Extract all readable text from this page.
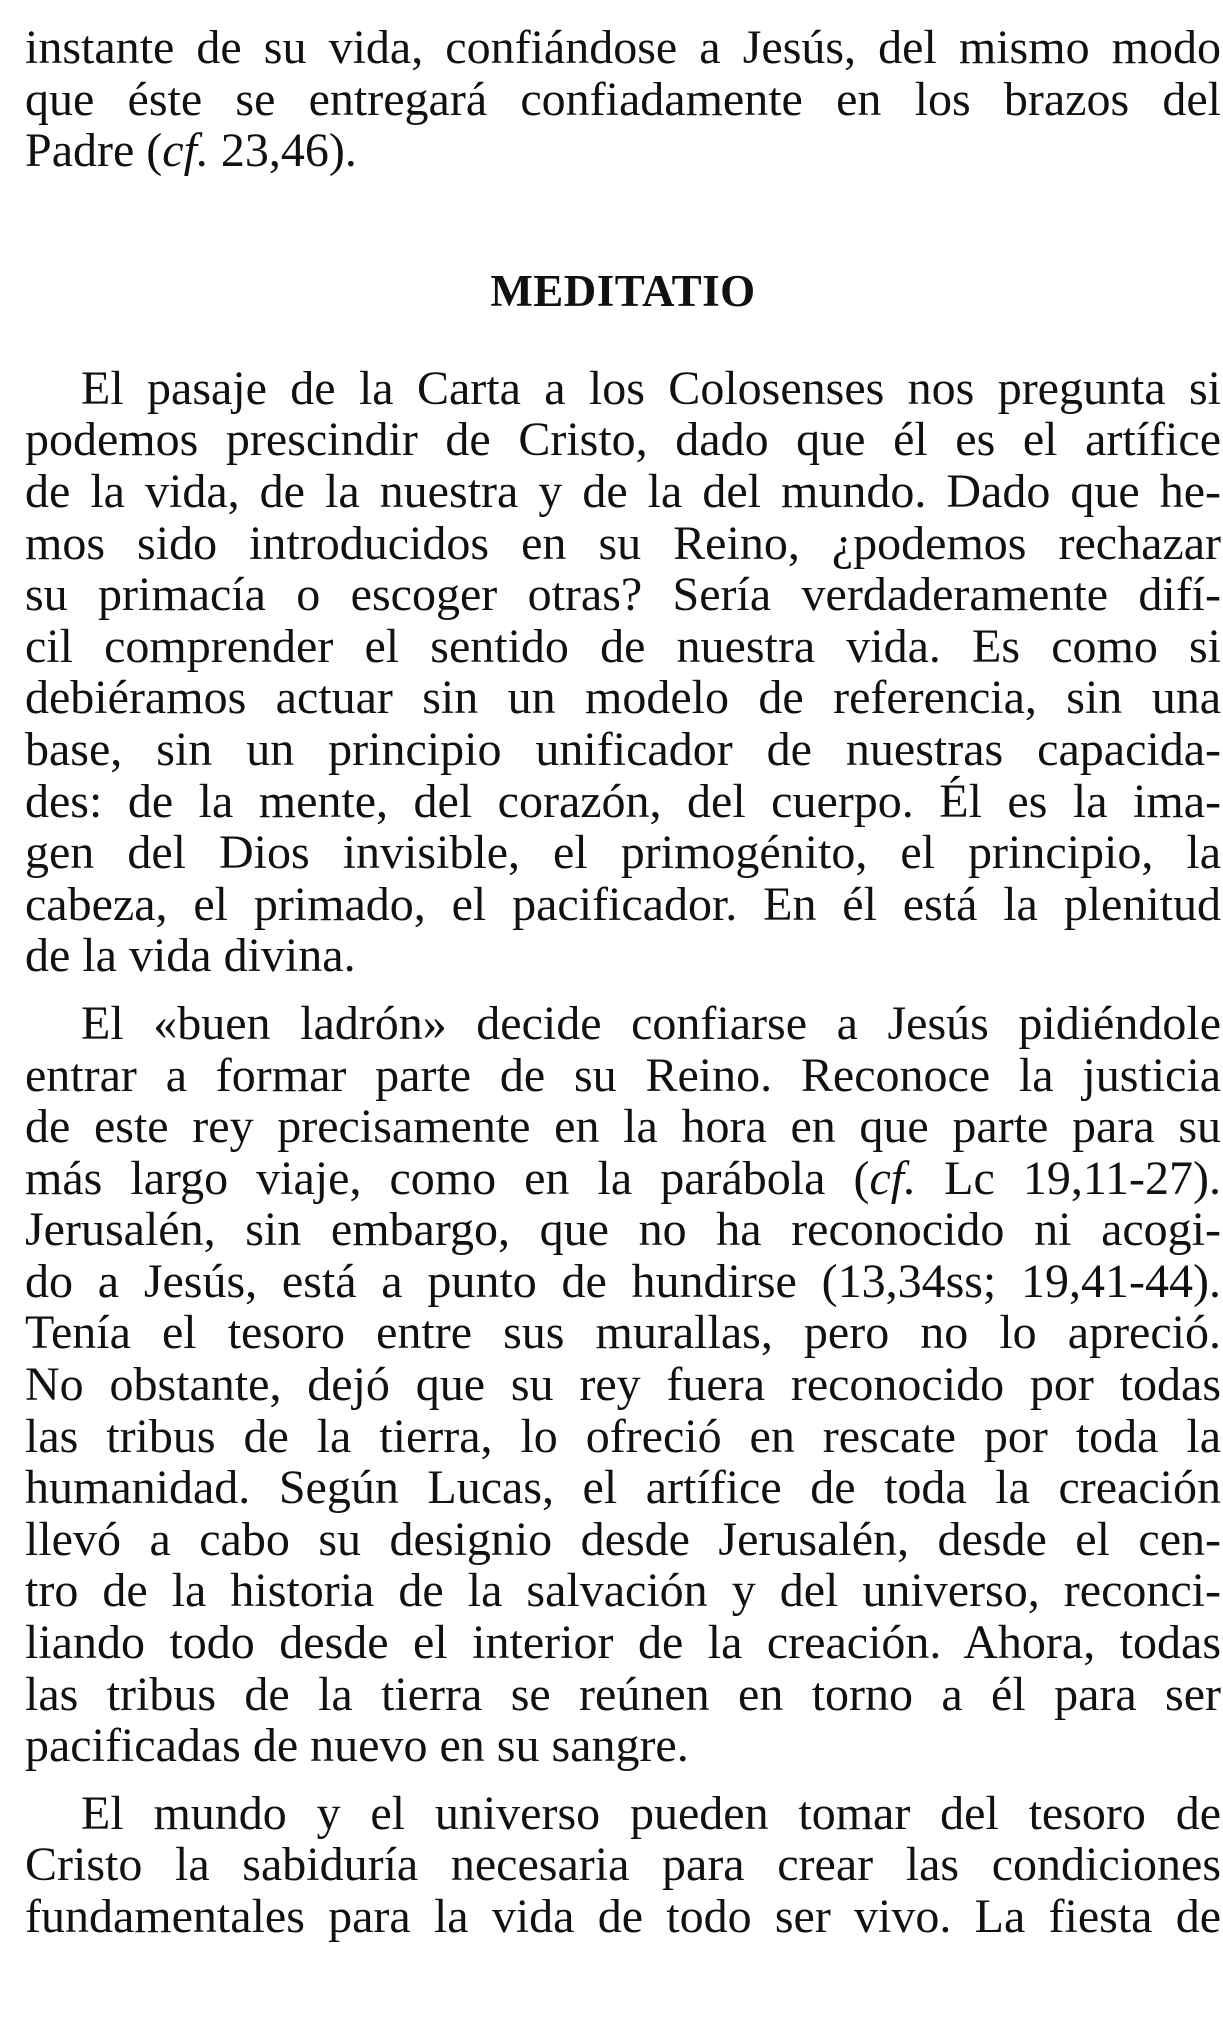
instante de su vida, confiándose a Jesús, del mismo modo
que éste se entregará confiadamente en los brazos del
Padre (cf. 23,46).
MEDITATIO
El pasaje de la Carta a los Colosenses nos pregunta si
podemos prescindir de Cristo, dado que él es el artífice
de la vida, de la nuestra y de la del mundo. Dado que he-
mos sido introducidos en su Reino, ¿podemos rechazar
su primacía o escoger otras? Sería verdaderamente difí-
cil comprender el sentido de nuestra vida. Es como si
debiéramos actuar sin un modelo de referencia, sin una
base, sin un principio unificador de nuestras capacida-
des: de la mente, del corazón, del cuerpo. Él es la ima-
gen del Dios invisible, el primogénito, el principio, la
cabeza, el primado, el pacificador. En él está la plenitud
de la vida divina.
El «buen ladrón» decide confiarse a Jesús pidiéndole
entrar a formar parte de su Reino. Reconoce la justicia
de este rey precisamente en la hora en que parte para su
más largo viaje, como en la parábola (cf. Lc 19,11-27).
Jerusalén, sin embargo, que no ha reconocido ni acogi-
do a Jesús, está a punto de hundirse (13,34ss; 19,41-44).
Tenía el tesoro entre sus murallas, pero no lo apreció.
No obstante, dejó que su rey fuera reconocido por todas
las tribus de la tierra, lo ofreció en rescate por toda la
humanidad. Según Lucas, el artífice de toda la creación
llevó a cabo su designio desde Jerusalén, desde el cen-
tro de la historia de la salvación y del universo, reconci-
liando todo desde el interior de la creación. Ahora, todas
las tribus de la tierra se reúnen en torno a él para ser
pacificadas de nuevo en su sangre.
El mundo y el universo pueden tomar del tesoro de
Cristo la sabiduría necesaria para crear las condiciones
fundamentales para la vida de todo ser vivo. La fiesta de
